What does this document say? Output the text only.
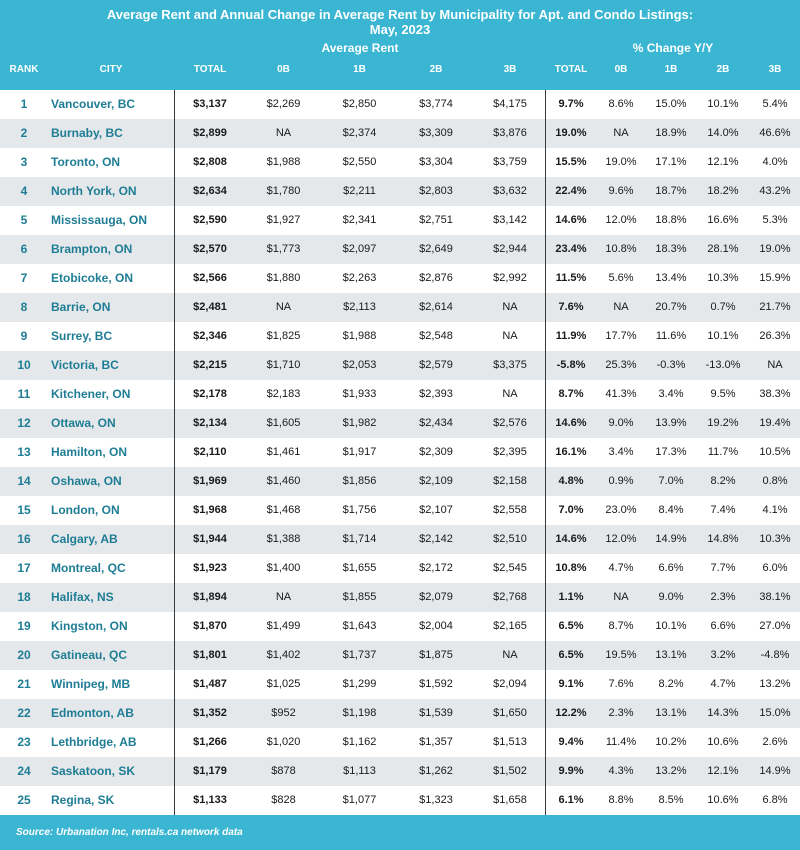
Average Rent and Annual Change in Average Rent by Municipality for Apt. and Condo Listings:
May, 2023
Average Rent	% Change Y/Y
RANK	CITY	TOTAL	0B	1B	2B	3B	TOTAL	0B	1B	2B	3B
1	Vancouver, BC	$3,137	$2,269	$2,850	$3,774	$4,175	9.7%	8.6%	15.0%	10.1%	5.4%
2	Burnaby, BC	$2,899	NA	$2,374	$3,309	$3,876	19.0%	NA	18.9%	14.0%	46.6%
3	Toronto, ON	$2,808	$1,988	$2,550	$3,304	$3,759	15.5%	19.0%	17.1%	12.1%	4.0%
4	North York, ON	$2,634	$1,780	$2,211	$2,803	$3,632	22.4%	9.6%	18.7%	18.2%	43.2%
5	Mississauga, ON	$2,590	$1,927	$2,341	$2,751	$3,142	14.6%	12.0%	18.8%	16.6%	5.3%
6	Brampton, ON	$2,570	$1,773	$2,097	$2,649	$2,944	23.4%	10.8%	18.3%	28.1%	19.0%
7	Etobicoke, ON	$2,566	$1,880	$2,263	$2,876	$2,992	11.5%	5.6%	13.4%	10.3%	15.9%
8	Barrie, ON	$2,481	NA	$2,113	$2,614	NA	7.6%	NA	20.7%	0.7%	21.7%
9	Surrey, BC	$2,346	$1,825	$1,988	$2,548	NA	11.9%	17.7%	11.6%	10.1%	26.3%
10	Victoria, BC	$2,215	$1,710	$2,053	$2,579	$3,375	-5.8%	25.3%	-0.3%	-13.0%	NA
11	Kitchener, ON	$2,178	$2,183	$1,933	$2,393	NA	8.7%	41.3%	3.4%	9.5%	38.3%
12	Ottawa, ON	$2,134	$1,605	$1,982	$2,434	$2,576	14.6%	9.0%	13.9%	19.2%	19.4%
13	Hamilton, ON	$2,110	$1,461	$1,917	$2,309	$2,395	16.1%	3.4%	17.3%	11.7%	10.5%
14	Oshawa, ON	$1,969	$1,460	$1,856	$2,109	$2,158	4.8%	0.9%	7.0%	8.2%	0.8%
15	London, ON	$1,968	$1,468	$1,756	$2,107	$2,558	7.0%	23.0%	8.4%	7.4%	4.1%
16	Calgary, AB	$1,944	$1,388	$1,714	$2,142	$2,510	14.6%	12.0%	14.9%	14.8%	10.3%
17	Montreal, QC	$1,923	$1,400	$1,655	$2,172	$2,545	10.8%	4.7%	6.6%	7.7%	6.0%
18	Halifax, NS	$1,894	NA	$1,855	$2,079	$2,768	1.1%	NA	9.0%	2.3%	38.1%
19	Kingston, ON	$1,870	$1,499	$1,643	$2,004	$2,165	6.5%	8.7%	10.1%	6.6%	27.0%
20	Gatineau, QC	$1,801	$1,402	$1,737	$1,875	NA	6.5%	19.5%	13.1%	3.2%	-4.8%
21	Winnipeg, MB	$1,487	$1,025	$1,299	$1,592	$2,094	9.1%	7.6%	8.2%	4.7%	13.2%
22	Edmonton, AB	$1,352	$952	$1,198	$1,539	$1,650	12.2%	2.3%	13.1%	14.3%	15.0%
23	Lethbridge, AB	$1,266	$1,020	$1,162	$1,357	$1,513	9.4%	11.4%	10.2%	10.6%	2.6%
24	Saskatoon, SK	$1,179	$878	$1,113	$1,262	$1,502	9.9%	4.3%	13.2%	12.1%	14.9%
25	Regina, SK	$1,133	$828	$1,077	$1,323	$1,658	6.1%	8.8%	8.5%	10.6%	6.8%
Source: Urbanation Inc, rentals.ca network data
